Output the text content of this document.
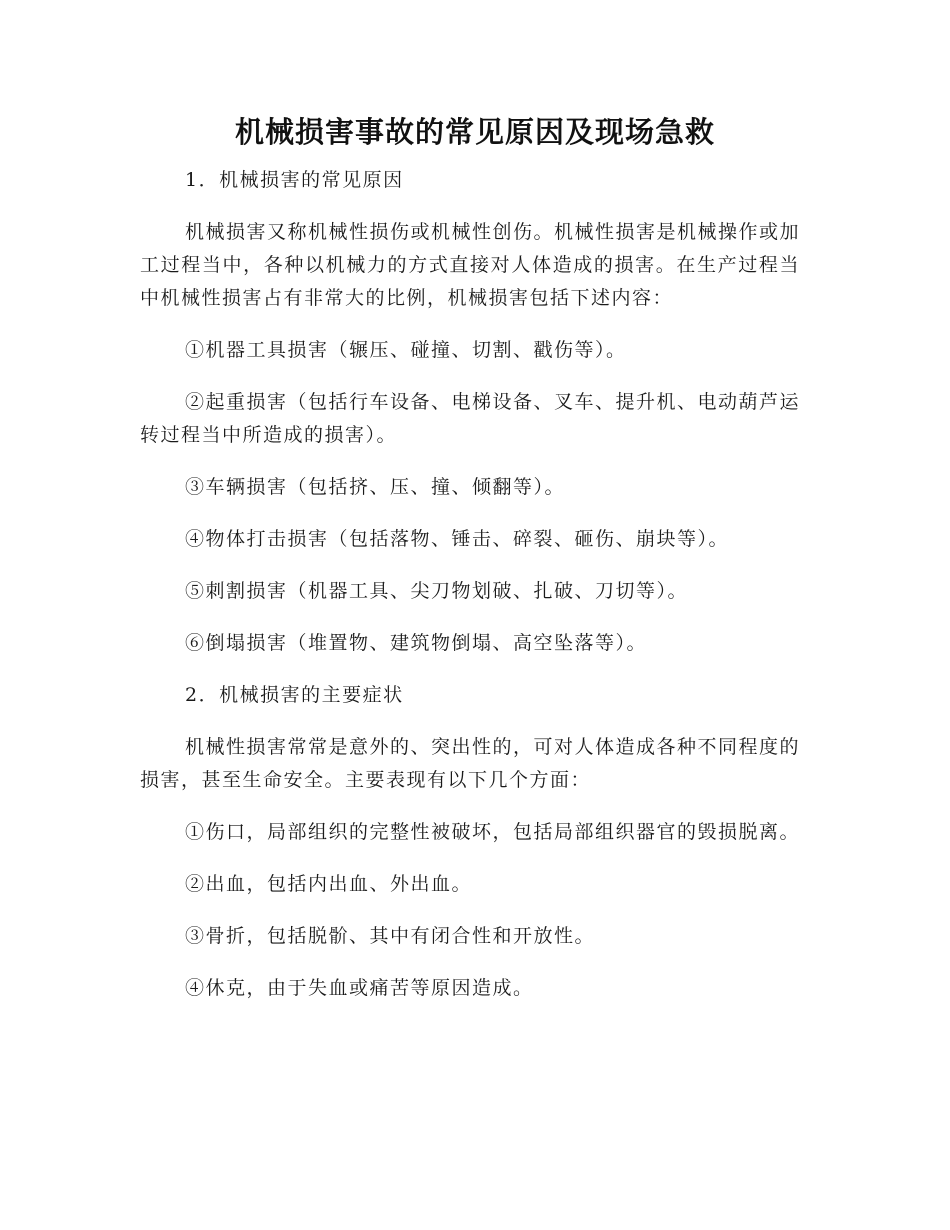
机械损害事故的常见原因及现场急救

1．机械损害的常见原因

机械损害又称机械性损伤或机械性创伤。机械性损害是机械操作或加工过程当中，各种以机械力的方式直接对人体造成的损害。在生产过程当中机械性损害占有非常大的比例，机械损害包括下述内容：

①机器工具损害（辗压、碰撞、切割、戳伤等）。

②起重损害（包括行车设备、电梯设备、叉车、提升机、电动葫芦运转过程当中所造成的损害）。

③车辆损害（包括挤、压、撞、倾翻等）。

④物体打击损害（包括落物、锤击、碎裂、砸伤、崩块等）。

⑤刺割损害（机器工具、尖刀物划破、扎破、刀切等）。

⑥倒塌损害（堆置物、建筑物倒塌、高空坠落等）。

2．机械损害的主要症状

机械性损害常常是意外的、突出性的，可对人体造成各种不同程度的损害，甚至生命安全。主要表现有以下几个方面：

①伤口，局部组织的完整性被破坏，包括局部组织器官的毁损脱离。

②出血，包括内出血、外出血。

③骨折，包括脱骱、其中有闭合性和开放性。

④休克，由于失血或痛苦等原因造成。
